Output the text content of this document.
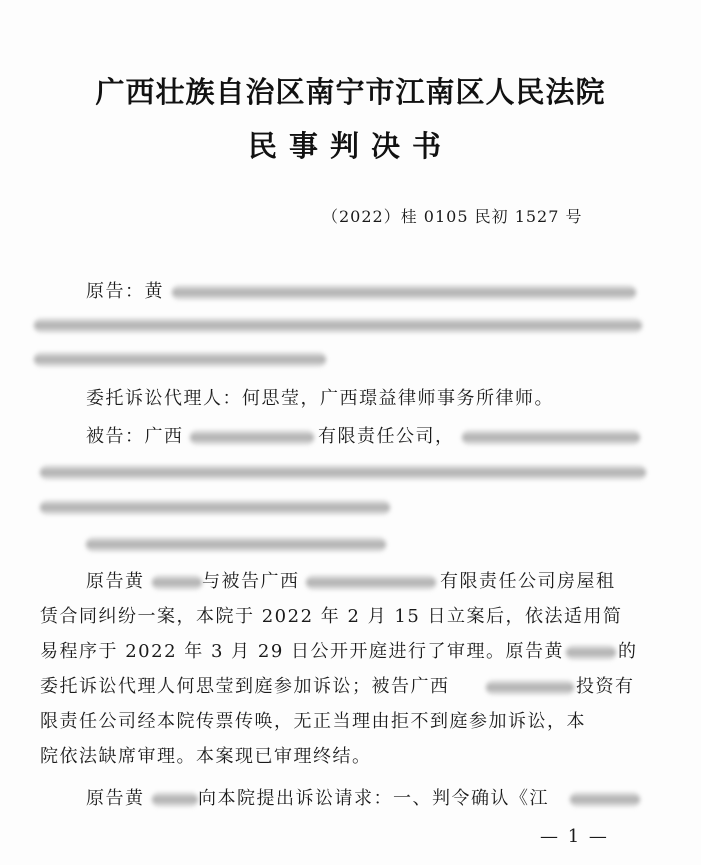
广西壮族自治区南宁市江南区人民法院
民事判决书
（2022）桂 0105 民初 1527 号
原告：黄
委托诉讼代理人：何思莹，广西璟益律师事务所律师。
被告：广西	有限责任公司，
原告黄	与被告广西	有限责任公司房屋租
赁合同纠纷一案，本院于 2022 年 2 月 15 日立案后，依法适用简
易程序于 2022 年 3 月 29 日公开开庭进行了审理。原告黄	的
委托诉讼代理人何思莹到庭参加诉讼；被告广西	投资有
限责任公司经本院传票传唤，无正当理由拒不到庭参加诉讼，本
院依法缺席审理。本案现已审理终结。
原告黄	向本院提出诉讼请求：一、判令确认《江
— 1 —
